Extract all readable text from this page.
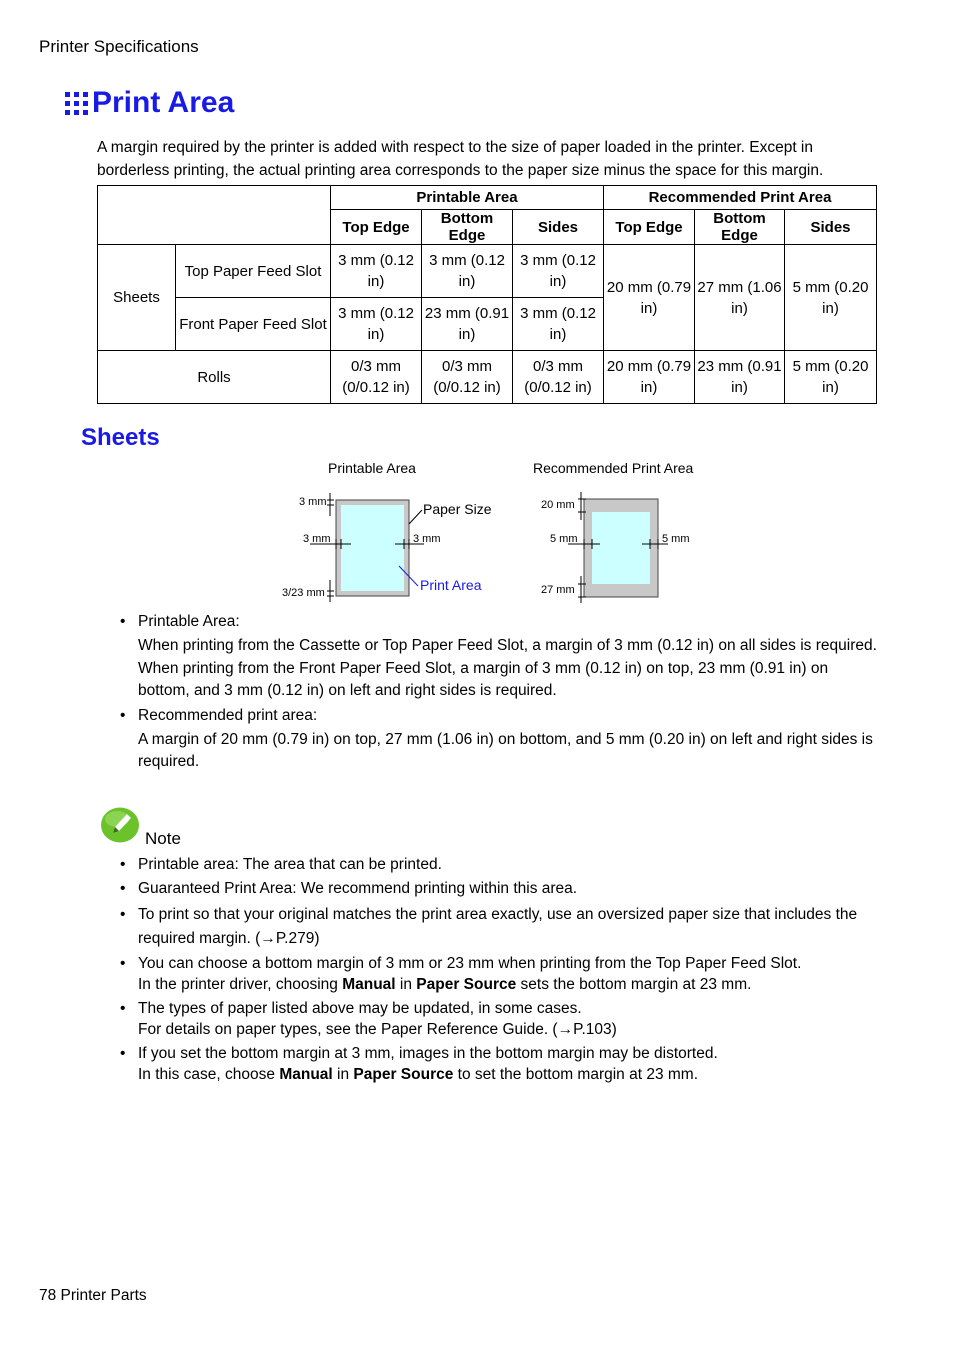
Printer Specifications
Print Area
A margin required by the printer is added with respect to the size of paper loaded in the printer. Except in borderless printing, the actual printing area corresponds to the paper size minus the space for this margin.
		Printable Area			Recommended Print Area		
		Top Edge	Bottom Edge	Sides	Top Edge	Bottom Edge	Sides
Sheets	Top Paper Feed Slot	3 mm (0.12 in)	3 mm (0.12 in)	3 mm (0.12 in)	20 mm (0.79 in)	27 mm (1.06 in)	5 mm (0.20 in)
	Front Paper Feed Slot	3 mm (0.12 in)	23 mm (0.91 in)	3 mm (0.12 in)			
Rolls		0/3 mm (0/0.12 in)	0/3 mm (0/0.12 in)	0/3 mm (0/0.12 in)	20 mm (0.79 in)	23 mm (0.91 in)	5 mm (0.20 in)
Sheets
Printable Area
3 mm
3 mm	3 mm
3/23 mm
Paper Size
Print Area
Recommended Print Area
20 mm
5 mm	5 mm
27 mm
• Printable Area:
When printing from the Cassette or Top Paper Feed Slot, a margin of 3 mm (0.12 in) on all sides is required.
When printing from the Front Paper Feed Slot, a margin of 3 mm (0.12 in) on top, 23 mm (0.91 in) on bottom, and 3 mm (0.12 in) on left and right sides is required.
• Recommended print area:
A margin of 20 mm (0.79 in) on top, 27 mm (1.06 in) on bottom, and 5 mm (0.20 in) on left and right sides is required.
Note
• Printable area: The area that can be printed.
• Guaranteed Print Area: We recommend printing within this area.
• To print so that your original matches the print area exactly, use an oversized paper size that includes the required margin. (→P.279)
• You can choose a bottom margin of 3 mm or 23 mm when printing from the Top Paper Feed Slot.
In the printer driver, choosing Manual in Paper Source sets the bottom margin at 23 mm.
• The types of paper listed above may be updated, in some cases.
For details on paper types, see the Paper Reference Guide. (→P.103)
• If you set the bottom margin at 3 mm, images in the bottom margin may be distorted.
In this case, choose Manual in Paper Source to set the bottom margin at 23 mm.
78 Printer Parts
